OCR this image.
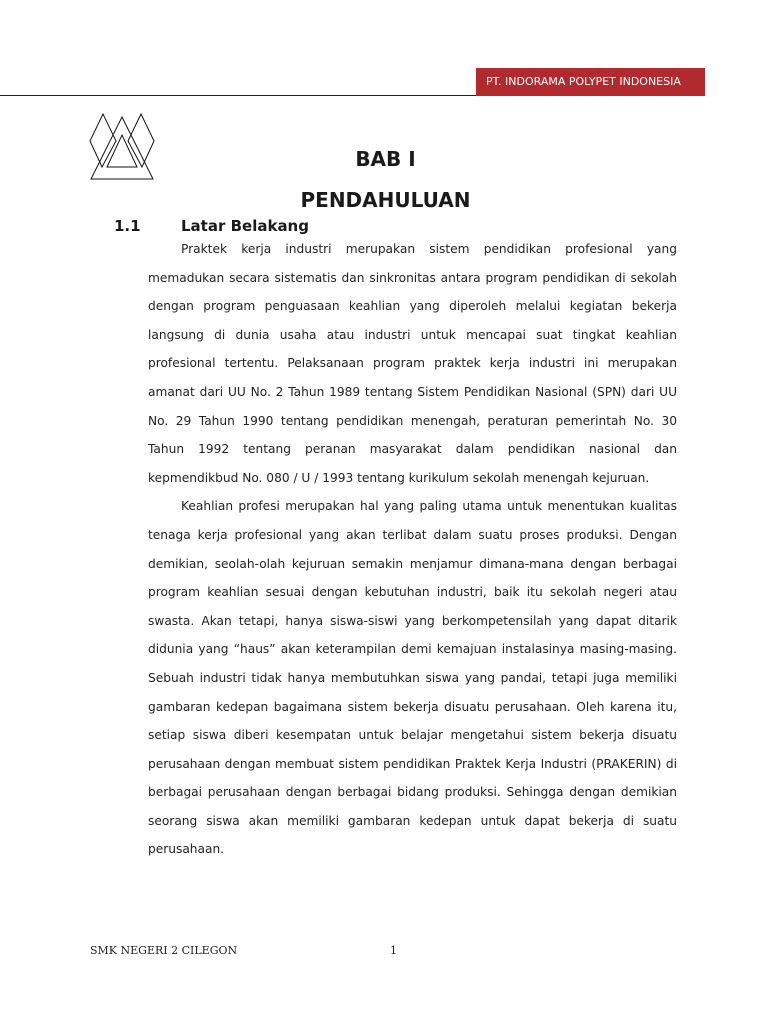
PT. INDORAMA POLYPET INDONESIA
BAB I
PENDAHULUAN
1.1	Latar Belakang

Praktek kerja industri merupakan sistem pendidikan profesional yang memadukan secara sistematis dan sinkronitas antara program pendidikan di sekolah dengan program penguasaan keahlian yang diperoleh melalui kegiatan bekerja langsung di dunia usaha atau industri untuk mencapai suat tingkat keahlian profesional tertentu. Pelaksanaan program praktek kerja industri ini merupakan amanat dari UU No. 2 Tahun 1989 tentang Sistem Pendidikan Nasional (SPN) dari UU No. 29 Tahun 1990 tentang pendidikan menengah, peraturan pemerintah No. 30 Tahun 1992 tentang peranan masyarakat dalam pendidikan nasional dan kepmendikbud No. 080 / U / 1993 tentang kurikulum sekolah menengah kejuruan.

Keahlian profesi merupakan hal yang paling utama untuk menentukan kualitas tenaga kerja profesional yang akan terlibat dalam suatu proses produksi. Dengan demikian, seolah-olah kejuruan semakin menjamur dimana-mana dengan berbagai program keahlian sesuai dengan kebutuhan industri, baik itu sekolah negeri atau swasta. Akan tetapi, hanya siswa-siswi yang berkompetensilah yang dapat ditarik didunia yang “haus” akan keterampilan demi kemajuan instalasinya masing-masing. Sebuah industri tidak hanya membutuhkan siswa yang pandai, tetapi juga memiliki gambaran kedepan bagaimana sistem bekerja disuatu perusahaan. Oleh karena itu, setiap siswa diberi kesempatan untuk belajar mengetahui sistem bekerja disuatu perusahaan dengan membuat sistem pendidikan Praktek Kerja Industri (PRAKERIN) di berbagai perusahaan dengan berbagai bidang produksi. Sehingga dengan demikian seorang siswa akan memiliki gambaran kedepan untuk dapat bekerja di suatu perusahaan.

SMK NEGERI 2 CILEGON	1
